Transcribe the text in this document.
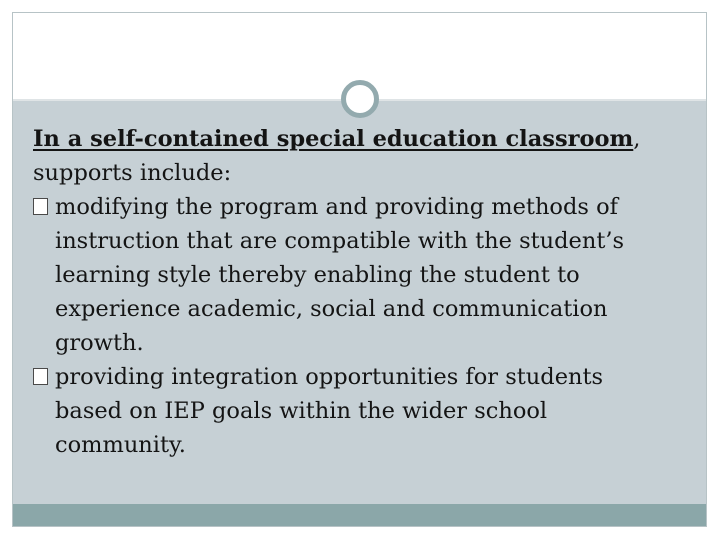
In a self-contained special education classroom, supports include:

modifying the program and providing methods of instruction that are compatible with the student’s learning style thereby enabling the student to experience academic, social and communication growth.

providing integration opportunities for students based on IEP goals within the wider school community.
